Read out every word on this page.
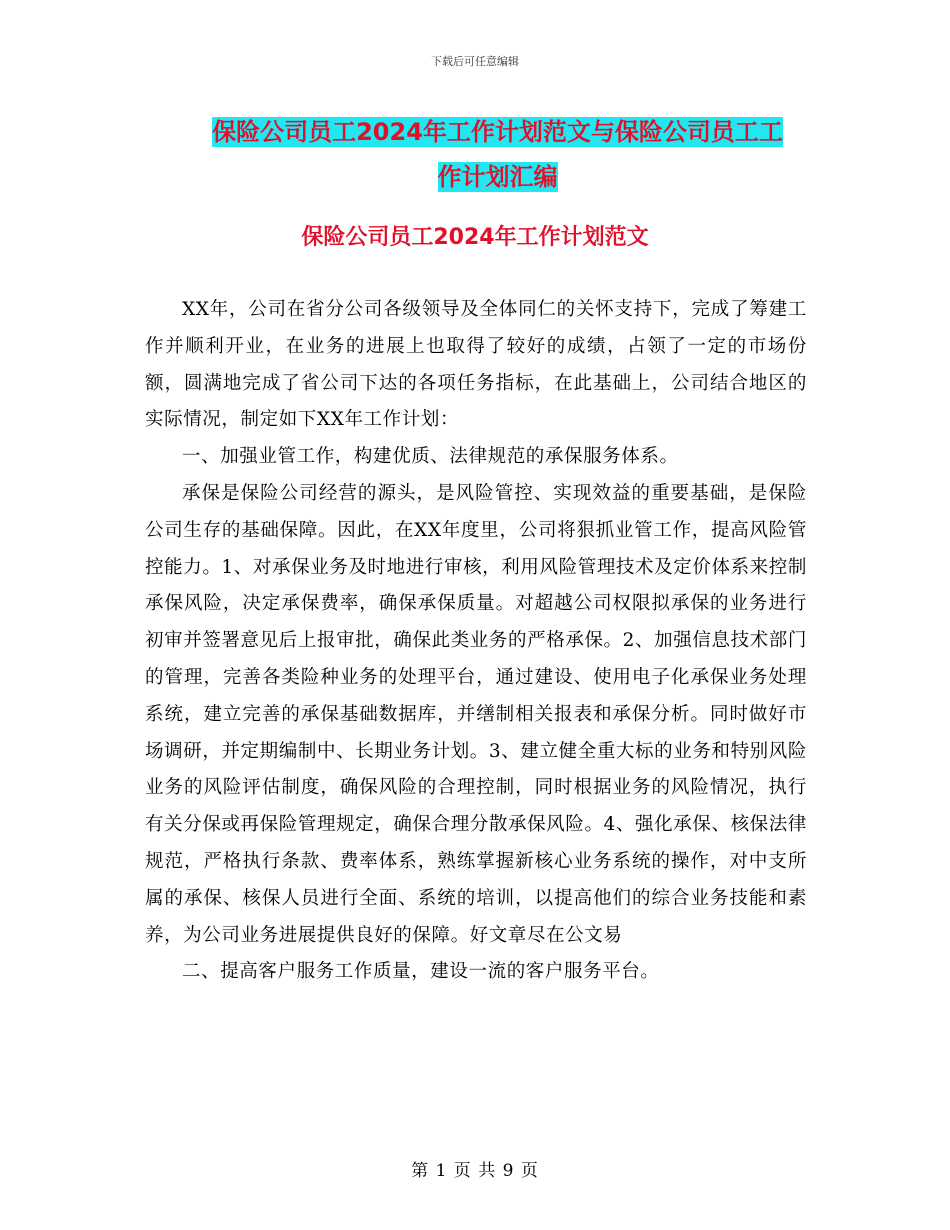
下载后可任意编辑
保险公司员工2024年工作计划范文与保险公司员工工
作计划汇编
保险公司员工2024年工作计划范文

XX年，公司在省分公司各级领导及全体同仁的关怀支持下，完成了筹建工作并顺利开业，在业务的进展上也取得了较好的成绩，占领了一定的市场份额，圆满地完成了省公司下达的各项任务指标，在此基础上，公司结合地区的实际情况，制定如下XX年工作计划：

一、加强业管工作，构建优质、法律规范的承保服务体系。

承保是保险公司经营的源头，是风险管控、实现效益的重要基础，是保险公司生存的基础保障。因此，在XX年度里，公司将狠抓业管工作，提高风险管控能力。1、对承保业务及时地进行审核，利用风险管理技术及定价体系来控制承保风险，决定承保费率，确保承保质量。对超越公司权限拟承保的业务进行初审并签署意见后上报审批，确保此类业务的严格承保。2、加强信息技术部门的管理，完善各类险种业务的处理平台，通过建设、使用电子化承保业务处理系统，建立完善的承保基础数据库，并缮制相关报表和承保分析。同时做好市场调研，并定期编制中、长期业务计划。3、建立健全重大标的业务和特别风险业务的风险评估制度，确保风险的合理控制，同时根据业务的风险情况，执行有关分保或再保险管理规定，确保合理分散承保风险。4、强化承保、核保法律规范，严格执行条款、费率体系，熟练掌握新核心业务系统的操作，对中支所属的承保、核保人员进行全面、系统的培训，以提高他们的综合业务技能和素养，为公司业务进展提供良好的保障。好文章尽在公文易

二、提高客户服务工作质量，建设一流的客户服务平台。

第 1 页 共 9 页
